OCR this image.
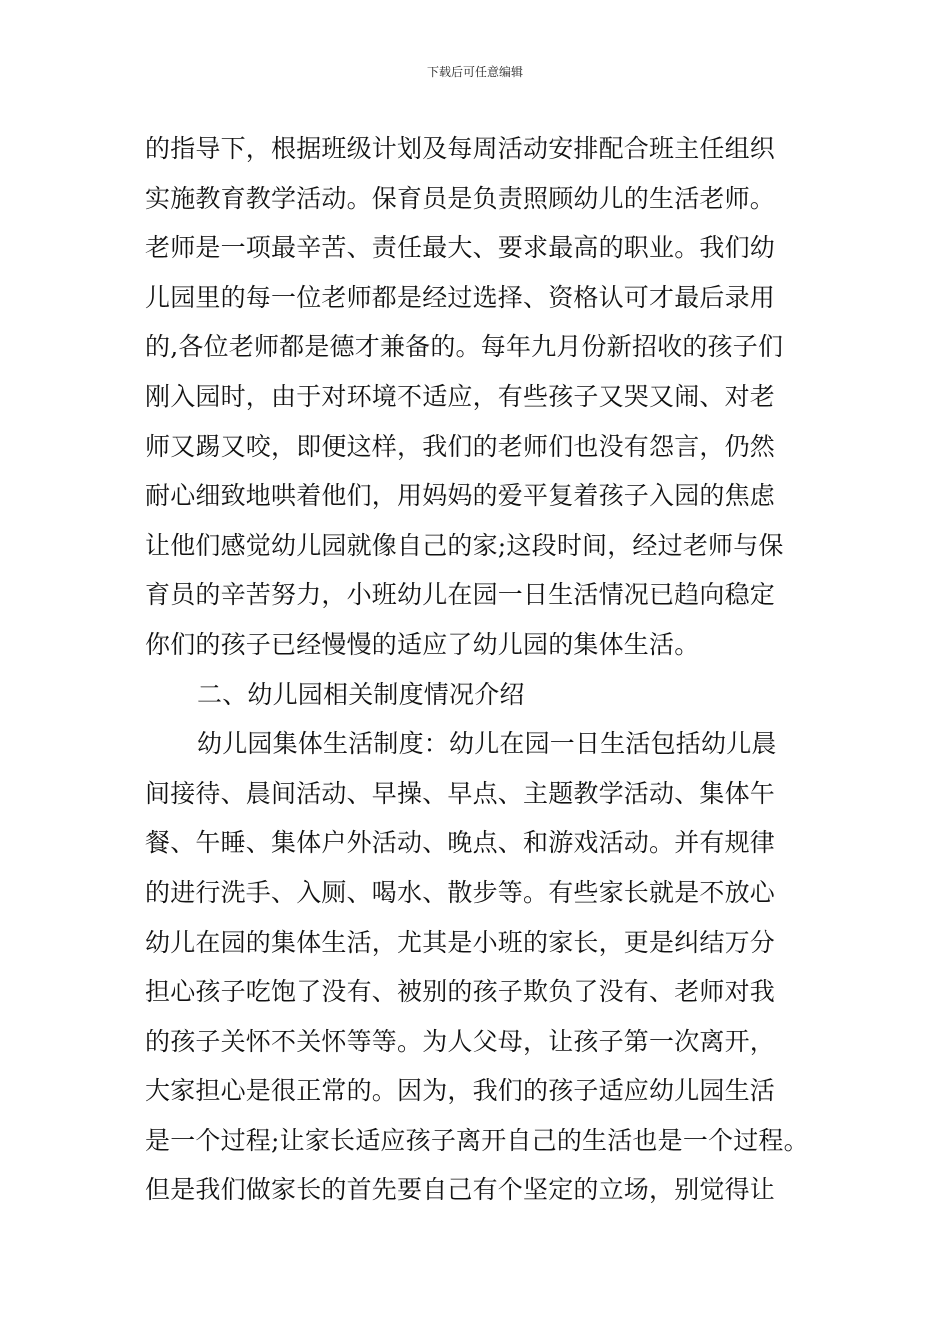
下载后可任意编辑
的指导下，根据班级计划及每周活动安排配合班主任组织
实施教育教学活动。保育员是负责照顾幼儿的生活老师。
老师是一项最辛苦、责任最大、要求最高的职业。我们幼
儿园里的每一位老师都是经过选择、资格认可才最后录用
的,各位老师都是德才兼备的。每年九月份新招收的孩子们
刚入园时，由于对环境不适应，有些孩子又哭又闹、对老
师又踢又咬，即便这样，我们的老师们也没有怨言，仍然
耐心细致地哄着他们，用妈妈的爱平复着孩子入园的焦虑
让他们感觉幼儿园就像自己的家;这段时间，经过老师与保
育员的辛苦努力，小班幼儿在园一日生活情况已趋向稳定
你们的孩子已经慢慢的适应了幼儿园的集体生活。
二、幼儿园相关制度情况介绍
幼儿园集体生活制度：幼儿在园一日生活包括幼儿晨
间接待、晨间活动、早操、早点、主题教学活动、集体午
餐、午睡、集体户外活动、晚点、和游戏活动。并有规律
的进行洗手、入厕、喝水、散步等。有些家长就是不放心
幼儿在园的集体生活，尤其是小班的家长，更是纠结万分
担心孩子吃饱了没有、被别的孩子欺负了没有、老师对我
的孩子关怀不关怀等等。为人父母，让孩子第一次离开，
大家担心是很正常的。因为，我们的孩子适应幼儿园生活
是一个过程;让家长适应孩子离开自己的生活也是一个过程。
但是我们做家长的首先要自己有个坚定的立场，别觉得让
